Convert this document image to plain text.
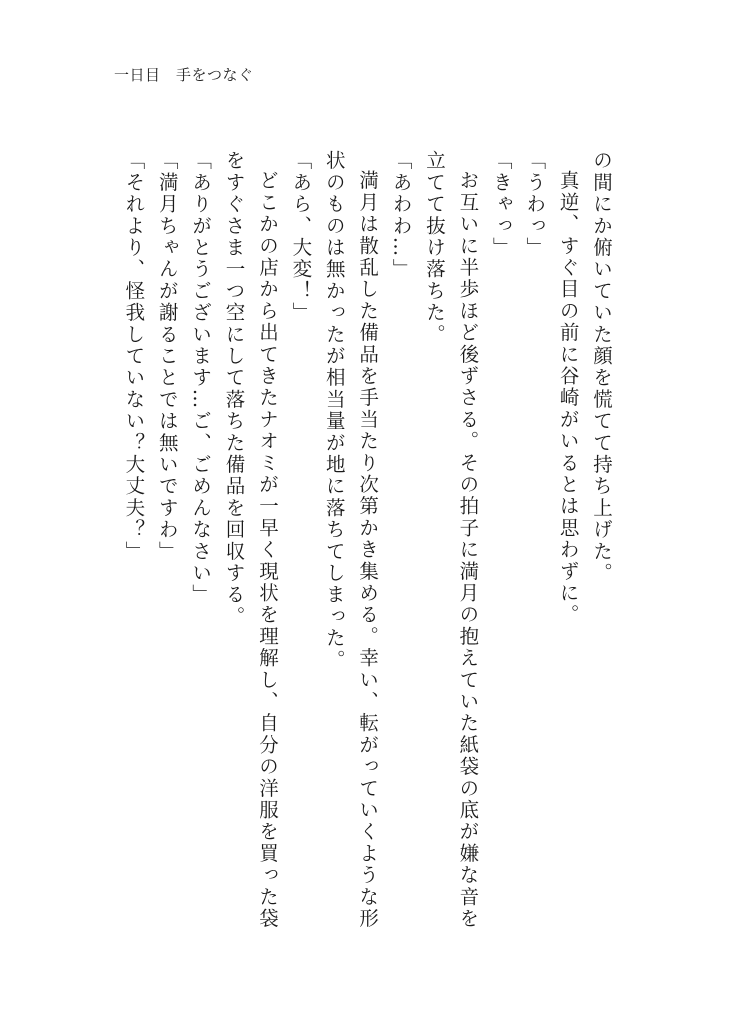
一日目　手をつなぐ

の間にか俯いていた顔を慌てて持ち上げた。

真逆、すぐ目の前に谷崎がいるとは思わずに。

「うわっ」

「きゃっ」

お互いに半歩ほど後ずさる。その拍子に満月の抱えていた紙袋の底が嫌な音を立てて抜け落ちた。

「あわわ…」

満月は散乱した備品を手当たり次第かき集める。幸い、転がっていくような形状のものは無かったが相当量が地に落ちてしまった。

「あら、大変！」

どこかの店から出てきたナオミが一早く現状を理解し、自分の洋服を買った袋をすぐさま一つ空にして落ちた備品を回収する。

「ありがとうございます…ご、ごめんなさい」

「満月ちゃんが謝ることでは無いですわ」

「それより、怪我していない？大丈夫？」
